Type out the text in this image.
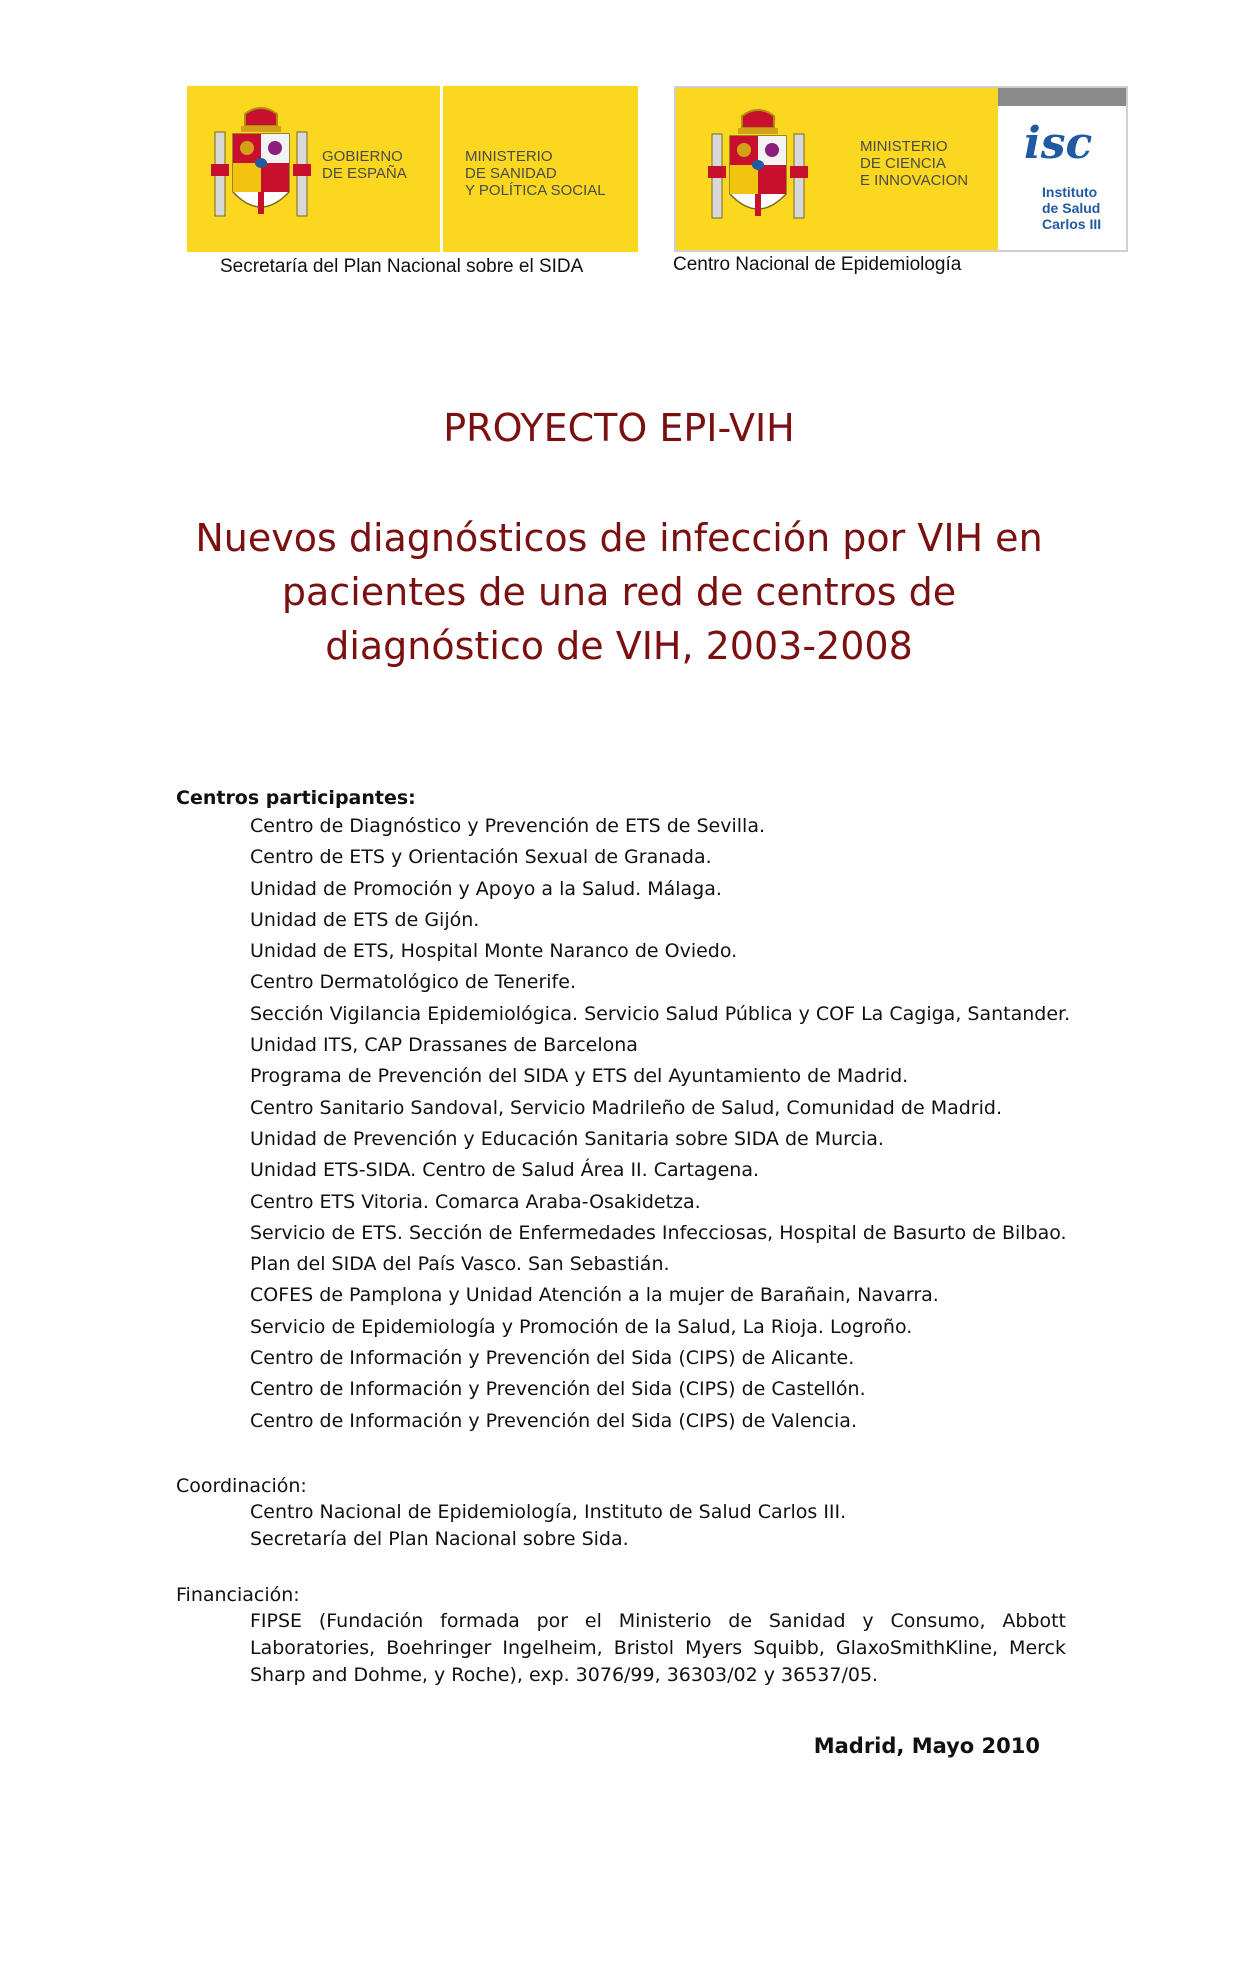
GOBIERNO
DE ESPAÑA
MINISTERIO
DE SANIDAD
Y POLÍTICA SOCIAL
Secretaría del Plan Nacional sobre el SIDA
MINISTERIO
DE CIENCIA
E INNOVACION
isc
Instituto
de Salud
Carlos III
Centro Nacional de Epidemiología
PROYECTO EPI-VIH
Nuevos diagnósticos de infección por VIH en
pacientes de una red de centros de
diagnóstico de VIH, 2003-2008

Centros participantes:

Centro de Diagnóstico y Prevención de ETS de Sevilla.
Centro de ETS y Orientación Sexual de Granada.
Unidad de Promoción y Apoyo a la Salud. Málaga.
Unidad de ETS de Gijón.
Unidad de ETS, Hospital Monte Naranco de Oviedo.
Centro Dermatológico de Tenerife.
Sección Vigilancia Epidemiológica. Servicio Salud Pública y COF La Cagiga, Santander.
Unidad ITS, CAP Drassanes de Barcelona
Programa de Prevención del SIDA y ETS del Ayuntamiento de Madrid.
Centro Sanitario Sandoval, Servicio Madrileño de Salud, Comunidad de Madrid.
Unidad de Prevención y Educación Sanitaria sobre SIDA de Murcia.
Unidad ETS-SIDA. Centro de Salud Área II. Cartagena.
Centro ETS Vitoria. Comarca Araba-Osakidetza.
Servicio de ETS. Sección de Enfermedades Infecciosas, Hospital de Basurto de Bilbao.
Plan del SIDA del País Vasco. San Sebastián.
COFES de Pamplona y Unidad Atención a la mujer de Barañain, Navarra.
Servicio de Epidemiología y Promoción de la Salud, La Rioja. Logroño.
Centro de Información y Prevención del Sida (CIPS) de Alicante.
Centro de Información y Prevención del Sida (CIPS) de Castellón.
Centro de Información y Prevención del Sida (CIPS) de Valencia.

Coordinación:

Centro Nacional de Epidemiología, Instituto de Salud Carlos III.
Secretaría del Plan Nacional sobre Sida.

Financiación:

FIPSE (Fundación formada por el Ministerio de Sanidad y Consumo, Abbott Laboratories, Boehringer Ingelheim, Bristol Myers Squibb, GlaxoSmithKline, Merck Sharp and Dohme, y Roche), exp. 3076/99, 36303/02 y 36537/05.

Madrid, Mayo 2010
